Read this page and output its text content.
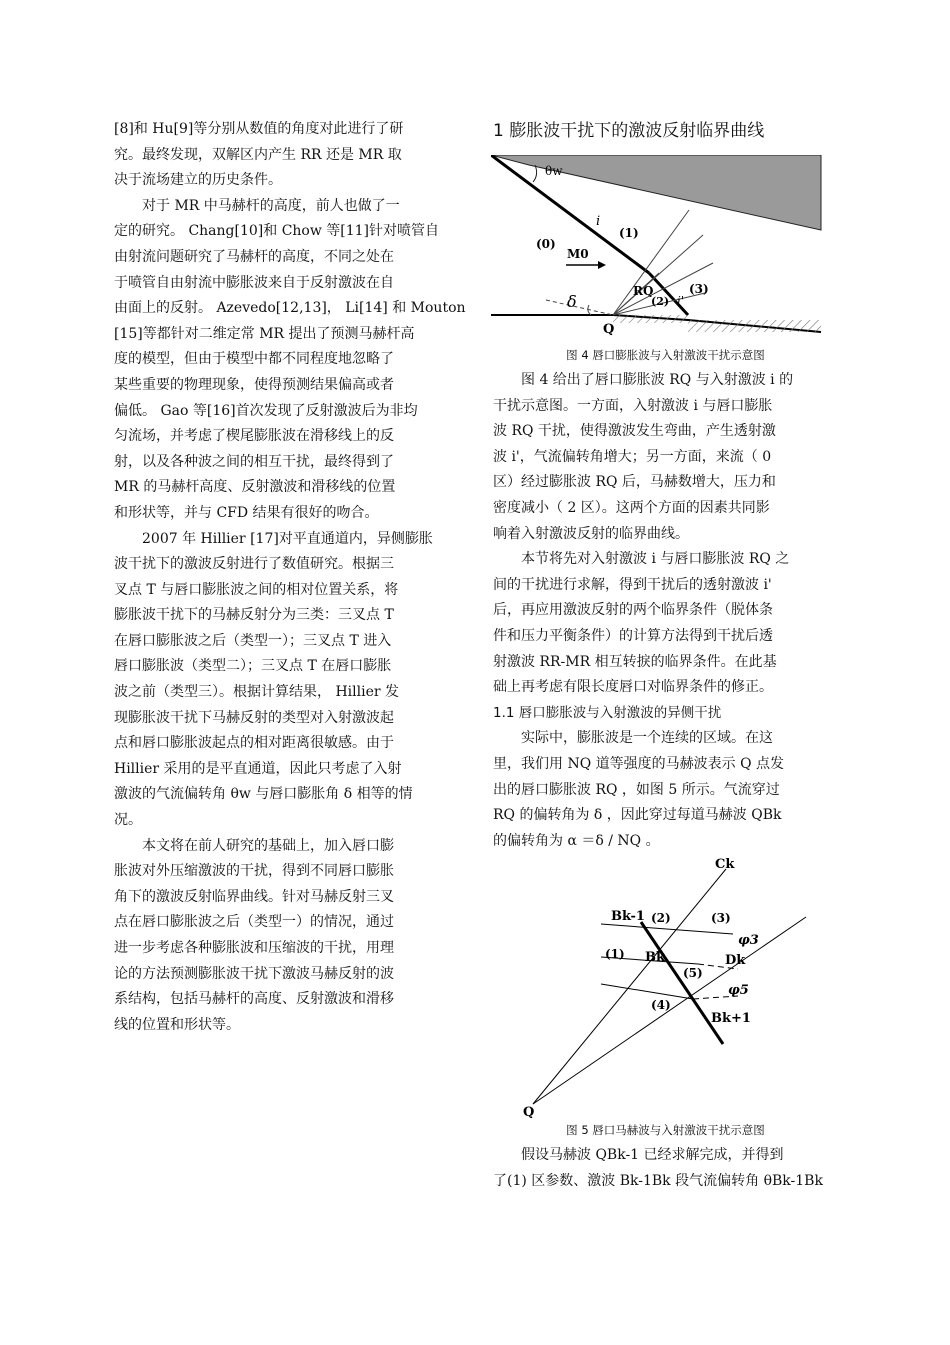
[8]和 Hu[9]等分别从数值的角度对此进行了研
究。最终发现，双解区内产生 RR 还是 MR 取
决于流场建立的历史条件。

对于 MR 中马赫杆的高度，前人也做了一
定的研究。 Chang[10]和 Chow 等[11]针对喷管自
由射流问题研究了马赫杆的高度，不同之处在
于喷管自由射流中膨胀波来自于反射激波在自
由面上的反射。 Azevedo[12,13]， Li[14] 和 Mouton
[15]等都针对二维定常 MR 提出了预测马赫杆高
度的模型，但由于模型中都不同程度地忽略了
某些重要的物理现象，使得预测结果偏高或者
偏低。 Gao 等[16]首次发现了反射激波后为非均
匀流场，并考虑了楔尾膨胀波在滑移线上的反
射，以及各种波之间的相互干扰，最终得到了
MR 的马赫杆高度、反射激波和滑移线的位置
和形状等，并与 CFD 结果有很好的吻合。

2007 年 Hillier [17]对平直通道内，异侧膨胀
波干扰下的激波反射进行了数值研究。根据三
叉点 T 与唇口膨胀波之间的相对位置关系，将
膨胀波干扰下的马赫反射分为三类：三叉点 T
在唇口膨胀波之后（类型一）；三叉点 T 进入
唇口膨胀波（类型二）；三叉点 T 在唇口膨胀
波之前（类型三）。根据计算结果， Hillier 发
现膨胀波干扰下马赫反射的类型对入射激波起
点和唇口膨胀波起点的相对距离很敏感。由于
Hillier 采用的是平直通道，因此只考虑了入射
激波的气流偏转角 θw 与唇口膨胀角 δ 相等的情
况。

本文将在前人研究的基础上，加入唇口膨
胀波对外压缩激波的干扰，得到不同唇口膨胀
角下的激波反射临界曲线。针对马赫反射三叉
点在唇口膨胀波之后（类型一）的情况，通过
进一步考虑各种膨胀波和压缩波的干扰，用理
论的方法预测膨胀波干扰下激波马赫反射的波
系结构，包括马赫杆的高度、反射激波和滑移
线的位置和形状等。

1 膨胀波干扰下的激波反射临界曲线
θw
i
(1)
(0)
M0
RQ
δ	(2) i'
(3)
Q
图 4 唇口膨胀波与入射激波干扰示意图

图 4 给出了唇口膨胀波 RQ 与入射激波 i 的
干扰示意图。一方面，入射激波 i 与唇口膨胀
波 RQ 干扰，使得激波发生弯曲，产生透射激
波 i'，气流偏转角增大；另一方面，来流（ 0
区）经过膨胀波 RQ 后，马赫数增大，压力和
密度减小（ 2 区）。这两个方面的因素共同影
响着入射激波反射的临界曲线。

本节将先对入射激波 i 与唇口膨胀波 RQ 之
间的干扰进行求解，得到干扰后的透射激波 i'
后，再应用激波反射的两个临界条件（脱体条
件和压力平衡条件）的计算方法得到干扰后透
射激波 RR-MR 相互转捩的临界条件。在此基
础上再考虑有限长度唇口对临界条件的修正。

1.1 唇口膨胀波与入射激波的异侧干扰

实际中，膨胀波是一个连续的区域。在这
里，我们用 NQ 道等强度的马赫波表示 Q 点发
出的唇口膨胀波 RQ ，如图 5 所示。气流穿过
RQ 的偏转角为 δ ，因此穿过每道马赫波 QBk
的偏转角为 α ＝δ / NQ 。

Ck
Bk-1 (2)	(3)
φ3
(1) Bk	Dk
(5)
φ5
(4)
Bk+1
Q
图 5 唇口马赫波与入射激波干扰示意图

假设马赫波 QBk-1 已经求解完成，并得到
了(1) 区参数、激波 Bk-1Bk 段气流偏转角 θBk-1Bk
